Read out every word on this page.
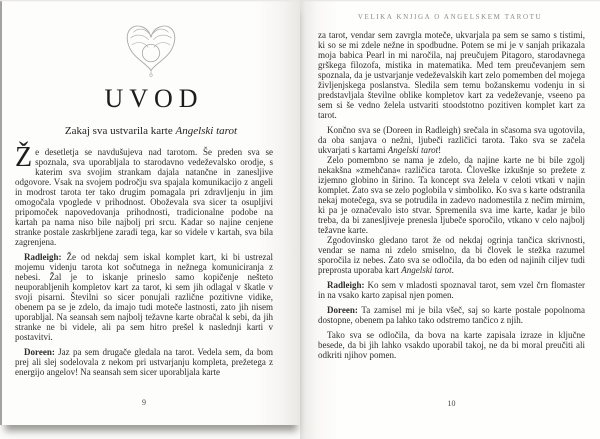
UVOD
Zakaj sva ustvarila karte Angelski tarot

Že desetletja se navdušujeva nad tarotom. Še preden sva se spoznala, sva uporabljala to starodavno vedeževalsko orodje, s katerim sva svojim strankam dajala natančne in zanesljive odgovore. Vsak na svojem področju sva spajala komunikacijo z angeli in modrost tarota ter tako drugim pomagala pri zdravljenju in jim omogočala vpoglede v prihodnost. Oboževala sva sicer ta osupljivi pripomoček napovedovanja prihodnosti, tradicionalne podobe na kartah pa nama niso bile najbolj pri srcu. Kadar so najine cenjene stranke postale zaskrbljene zaradi tega, kar so videle v kartah, sva bila zagrenjena.

Radleigh: Že od nekdaj sem iskal komplet kart, ki bi ustrezal mojemu videnju tarota kot sočutnega in nežnega komuniciranja z nebesi. Žal je to iskanje prineslo samo kopičenje nešteto neuporabljenih kompletov kart za tarot, ki sem jih odlagal v škatle v svoji pisarni. Številni so sicer ponujali različne pozitivne vidike, obenem pa se je zdelo, da imajo tudi moteče lastnosti, zato jih nisem uporabljal. Na seansah sem najbolj težavne karte obračal k sebi, da jih stranke ne bi videle, ali pa sem hitro prešel k naslednji karti v postavitvi.

Doreen: Jaz pa sem drugače gledala na tarot. Vedela sem, da bom prej ali slej sodelovala z nekom pri ustvarjanju kompleta, prežetega z energijo angelov! Na seansah sem sicer uporabljala karte

9
VELIKA KNJIGA O ANGELSKEM TAROTU

za tarot, vendar sem zavrgla moteče, ukvarjala pa sem se samo s tistimi, ki so se mi zdele nežne in spodbudne. Potem se mi je v sanjah prikazala moja babica Pearl in mi naročila, naj preučujem Pitagoro, starodavnega grškega filozofa, mistika in matematika. Med tem preučevanjem sem spoznala, da je ustvarjanje vedeževalskih kart zelo pomemben del mojega življenjskega poslanstva. Sledila sem temu božanskemu vodenju in si predstavljala številne oblike kompletov kart za vedeževanje, vseeno pa sem si še vedno želela ustvariti stoodstotno pozitiven komplet kart za tarot.

Končno sva se (Doreen in Radleigh) srečala in sčasoma sva ugotovila, da oba sanjava o nežni, ljubeči različici tarota. Tako sva se začela ukvarjati s kartami Angelski tarot!

Zelo pomembno se nama je zdelo, da najine karte ne bi bile zgolj nekakšna »zmehčana« različica tarota. Človeške izkušnje so prežete z izjemno globino in širino. Ta koncept sva želela v celoti vtkati v najin komplet. Zato sva se zelo poglobila v simboliko. Ko sva s karte odstranila nekaj motečega, sva se potrudila in zadevo nadomestila z nečim mirnim, ki pa je označevalo isto stvar. Spremenila sva ime karte, kadar je bilo treba, da bi zanesljiveje prenesla ljubeče sporočilo, vtkano v celo najbolj težavne karte.

Zgodovinsko gledano tarot že od nekdaj ogrinja tančica skrivnosti, vendar se nama ni zdelo smiselno, da bi človek le stežka razumel sporočila iz nebes. Zato sva se odločila, da bo eden od najinih ciljev tudi preprosta uporaba kart Angelski tarot.

Radleigh: Ko sem v mladosti spoznaval tarot, sem vzel črn flomaster in na vsako karto zapisal njen pomen.

Doreen: Ta zamisel mi je bila všeč, saj so karte postale popolnoma dostopne, obenem pa lahko tako odstremo tančico z njih.

Tako sva se odločila, da bova na karte zapisala izraze in ključne besede, da bi jih lahko vsakdo uporabil takoj, ne da bi moral preučiti ali odkriti njihov pomen.

10
